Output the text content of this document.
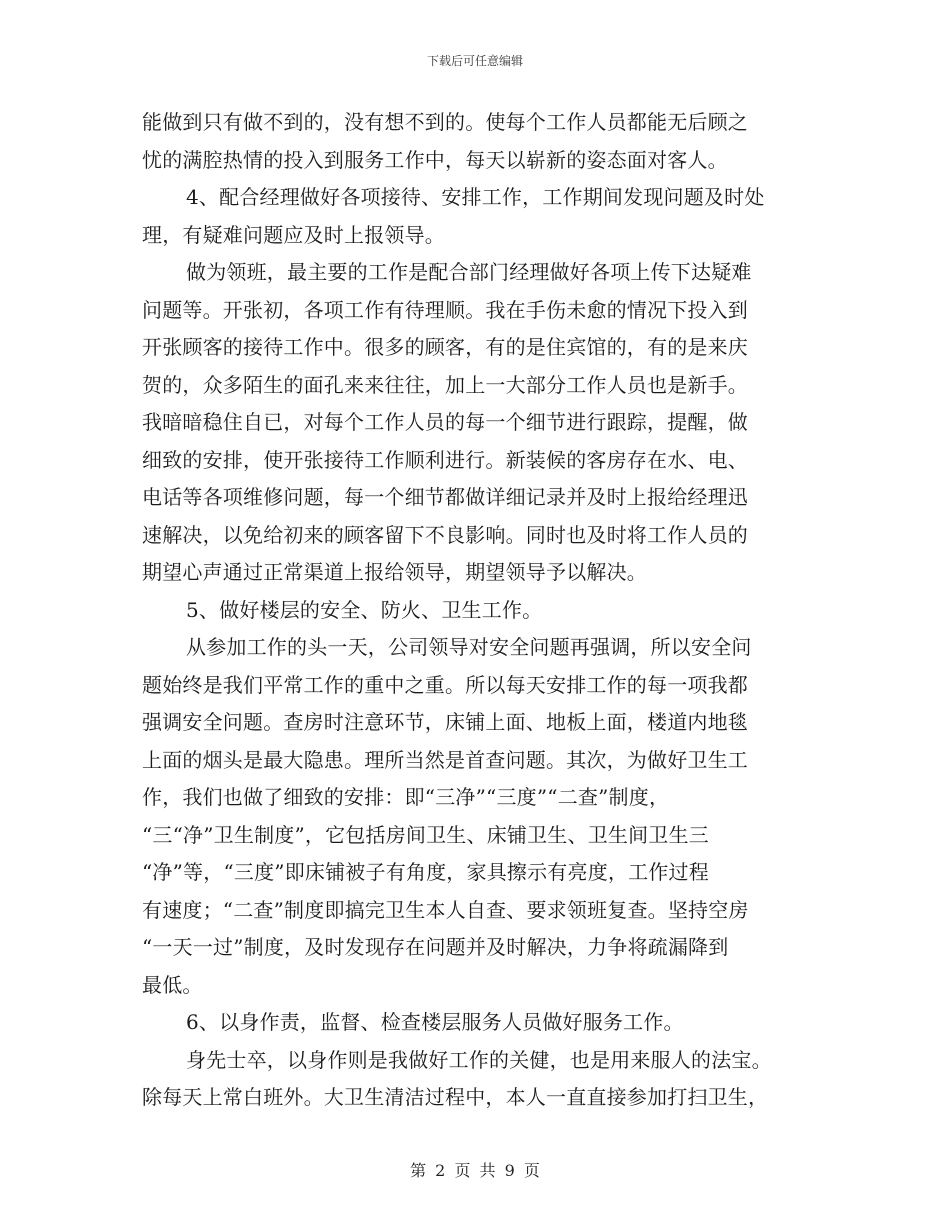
下载后可任意编辑
能做到只有做不到的，没有想不到的。使每个工作人员都能无后顾之
忧的满腔热情的投入到服务工作中，每天以崭新的姿态面对客人。
4、配合经理做好各项接待、安排工作，工作期间发现问题及时处
理，有疑难问题应及时上报领导。
做为领班，最主要的工作是配合部门经理做好各项上传下达疑难
问题等。开张初，各项工作有待理顺。我在手伤未愈的情况下投入到
开张顾客的接待工作中。很多的顾客，有的是住宾馆的，有的是来庆
贺的，众多陌生的面孔来来往往，加上一大部分工作人员也是新手。
我暗暗稳住自已，对每个工作人员的每一个细节进行跟踪，提醒，做
细致的安排，使开张接待工作顺利进行。新装候的客房存在水、电、
电话等各项维修问题，每一个细节都做详细记录并及时上报给经理迅
速解决，以免给初来的顾客留下不良影响。同时也及时将工作人员的
期望心声通过正常渠道上报给领导，期望领导予以解决。
5、做好楼层的安全、防火、卫生工作。
从参加工作的头一天，公司领导对安全问题再强调，所以安全问
题始终是我们平常工作的重中之重。所以每天安排工作的每一项我都
强调安全问题。查房时注意环节，床铺上面、地板上面，楼道内地毯
上面的烟头是最大隐患。理所当然是首查问题。其次，为做好卫生工
作，我们也做了细致的安排：即“三净”“三度”“二查”制度，
“三“净”卫生制度”，它包括房间卫生、床铺卫生、卫生间卫生三
“净”等，“三度”即床铺被子有角度，家具擦示有亮度，工作过程
有速度；“二查”制度即搞完卫生本人自查、要求领班复查。坚持空房
“一天一过”制度，及时发现存在问题并及时解决，力争将疏漏降到
最低。
6、以身作责，监督、检查楼层服务人员做好服务工作。
身先士卒，以身作则是我做好工作的关健，也是用来服人的法宝。
除每天上常白班外。大卫生清洁过程中，本人一直直接参加打扫卫生，
第 2 页 共 9 页
